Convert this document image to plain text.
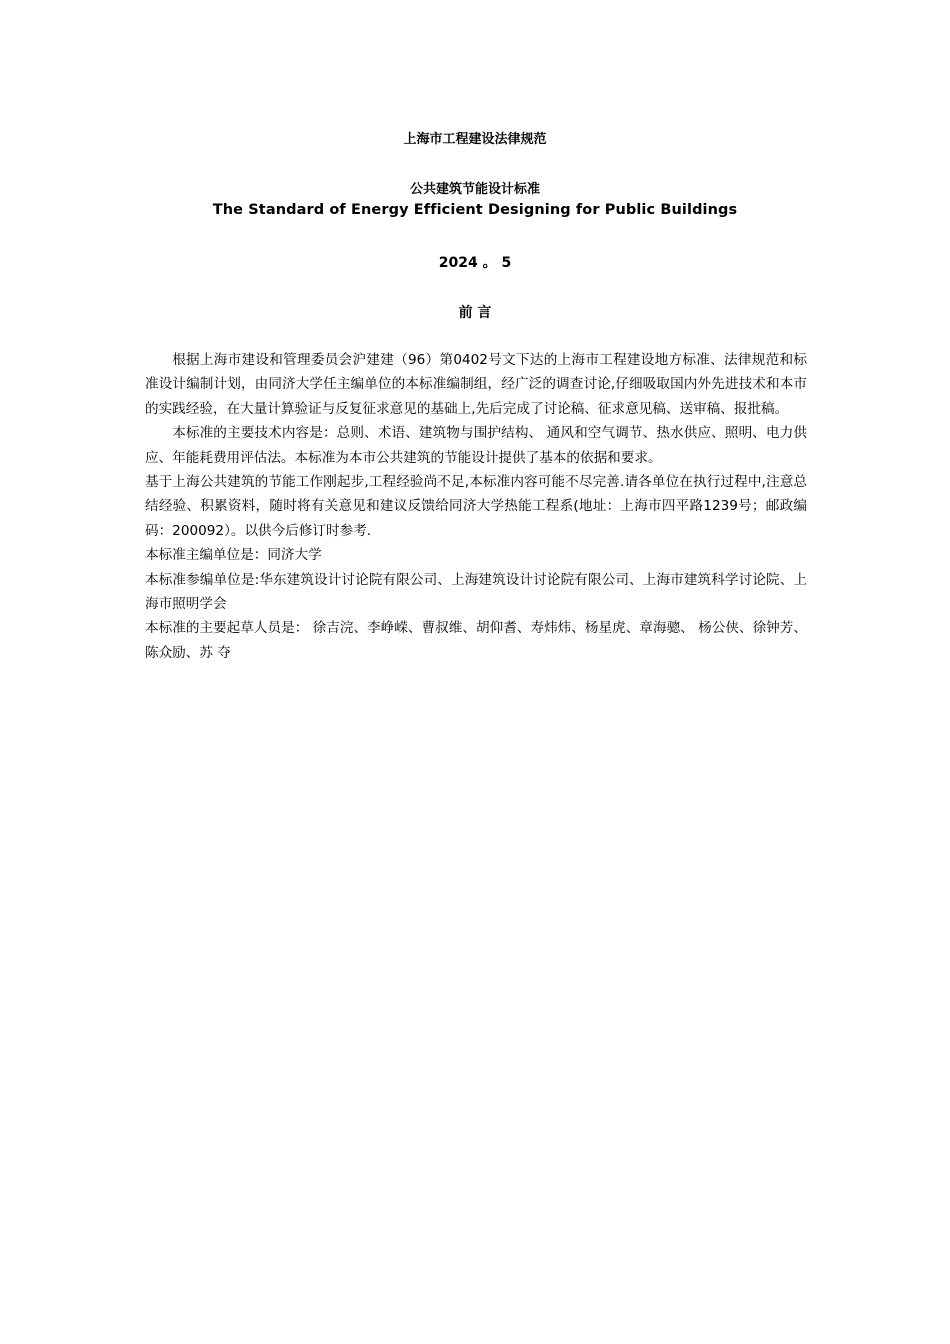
上海市工程建设法律规范
公共建筑节能设计标准
The Standard of Energy Efficient Designing for Public Buildings
2024 。 5
前 言

根据上海市建设和管理委员会沪建建（96）第0402号文下达的上海市工程建设地方标准、法律规范和标准设计编制计划，由同济大学任主编单位的本标准编制组，经广泛的调查讨论,仔细吸取国内外先进技术和本市的实践经验，在大量计算验证与反复征求意见的基础上,先后完成了讨论稿、征求意见稿、送审稿、报批稿。

本标准的主要技术内容是：总则、术语、建筑物与围护结构、 通风和空气调节、热水供应、照明、电力供应、年能耗费用评估法。本标准为本市公共建筑的节能设计提供了基本的依据和要求。

基于上海公共建筑的节能工作刚起步,工程经验尚不足,本标准内容可能不尽完善.请各单位在执行过程中,注意总结经验、积累资料，随时将有关意见和建议反馈给同济大学热能工程系(地址：上海市四平路1239号；邮政编码：200092）。以供今后修订时参考.

本标准主编单位是：同济大学

本标准参编单位是:华东建筑设计讨论院有限公司、上海建筑设计讨论院有限公司、上海市建筑科学讨论院、上海市照明学会

本标准的主要起草人员是： 徐吉浣、李峥嵘、曹叔维、胡仰耆、寿炜炜、杨星虎、章海骢、 杨公侠、徐钟芳、陈众励、苏 夺
